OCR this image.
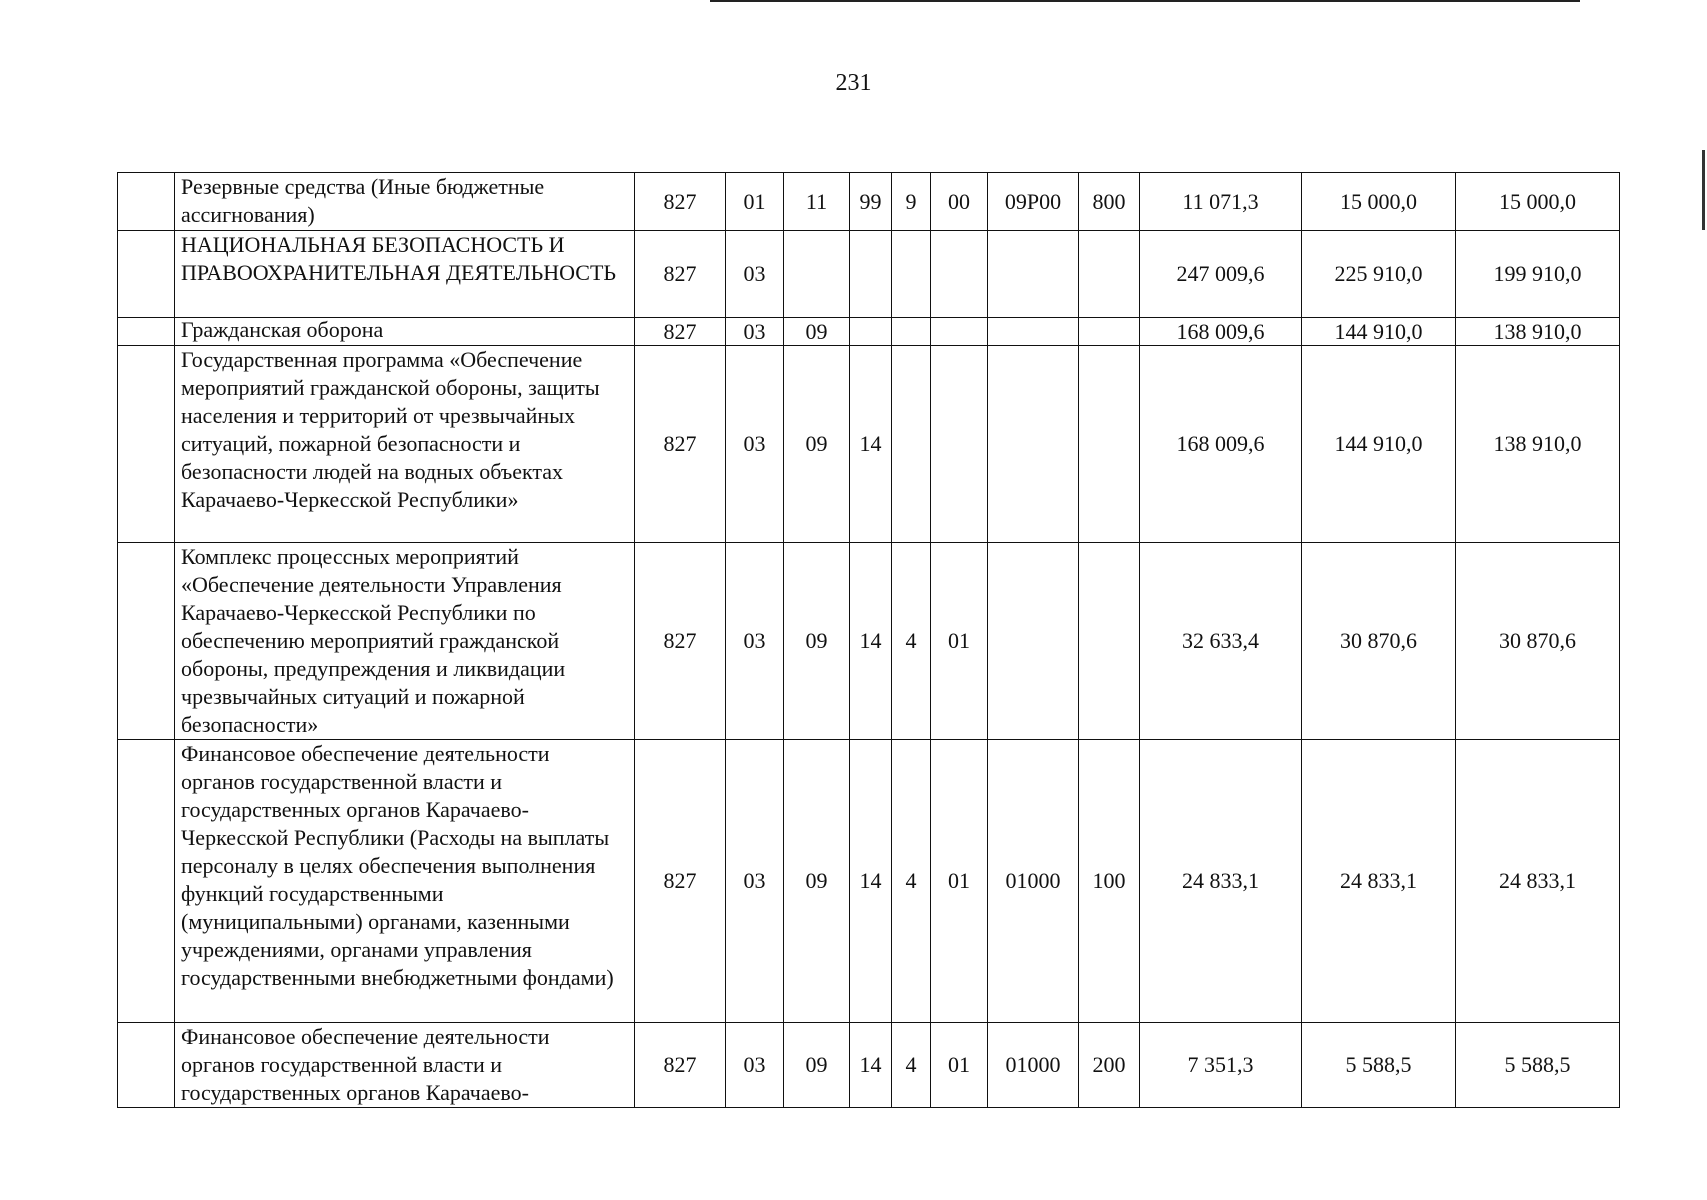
231
	Резервные средства (Иные бюджетные ассигнования)	827	01	11	99	9	00	09Р00	800	11 071,3	15 000,0	15 000,0
	НАЦИОНАЛЬНАЯ БЕЗОПАСНОСТЬ И ПРАВООХРАНИТЕЛЬНАЯ ДЕЯТЕЛЬНОСТЬ	827	03							247 009,6	225 910,0	199 910,0
	Гражданская оборона	827	03	09						168 009,6	144 910,0	138 910,0
	Государственная программа «Обеспечение мероприятий гражданской обороны, защиты населения и территорий от чрезвычайных ситуаций, пожарной безопасности и безопасности людей на водных объектах Карачаево-Черкесской Республики»	827	03	09	14					168 009,6	144 910,0	138 910,0
	Комплекс процессных мероприятий «Обеспечение деятельности Управления Карачаево-Черкесской Республики по обеспечению мероприятий гражданской обороны, предупреждения и ликвидации чрезвычайных ситуаций и пожарной безопасности»	827	03	09	14	4	01			32 633,4	30 870,6	30 870,6
	Финансовое обеспечение деятельности органов государственной власти и государственных органов Карачаево-Черкесской Республики (Расходы на выплаты персоналу в целях обеспечения выполнения функций государственными (муниципальными) органами, казенными учреждениями, органами управления государственными внебюджетными фондами)	827	03	09	14	4	01	01000	100	24 833,1	24 833,1	24 833,1
	Финансовое обеспечение деятельности органов государственной власти и государственных органов Карачаево-	827	03	09	14	4	01	01000	200	7 351,3	5 588,5	5 588,5
